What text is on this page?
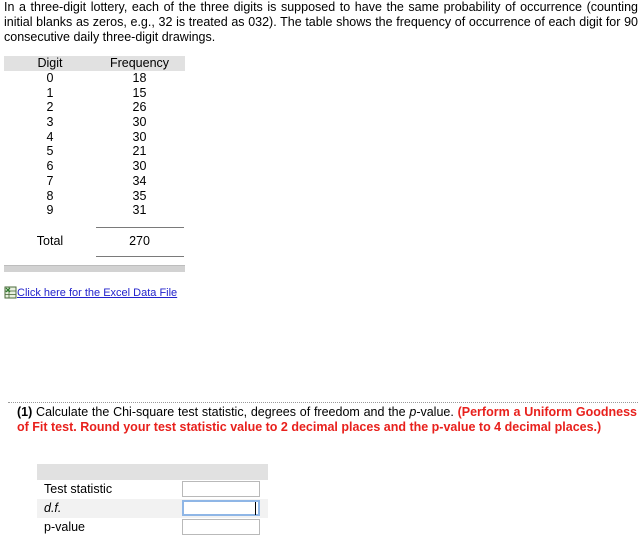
In a three-digit lottery, each of the three digits is supposed to have the same probability of occurrence (counting initial blanks as zeros, e.g., 32 is treated as 032). The table shows the frequency of occurrence of each digit for 90 consecutive daily three-digit drawings.
Digit	Frequency
0	18
1	15
2	26
3	30
4	30
5	21
6	30
7	34
8	35
9	31
Total	270
Click here for the Excel Data File
(1) Calculate the Chi-square test statistic, degrees of freedom and the p-value. (Perform a Uniform Goodness of Fit test. Round your test statistic value to 2 decimal places and the p-value to 4 decimal places.)
Test statistic
d.f.
p-value
